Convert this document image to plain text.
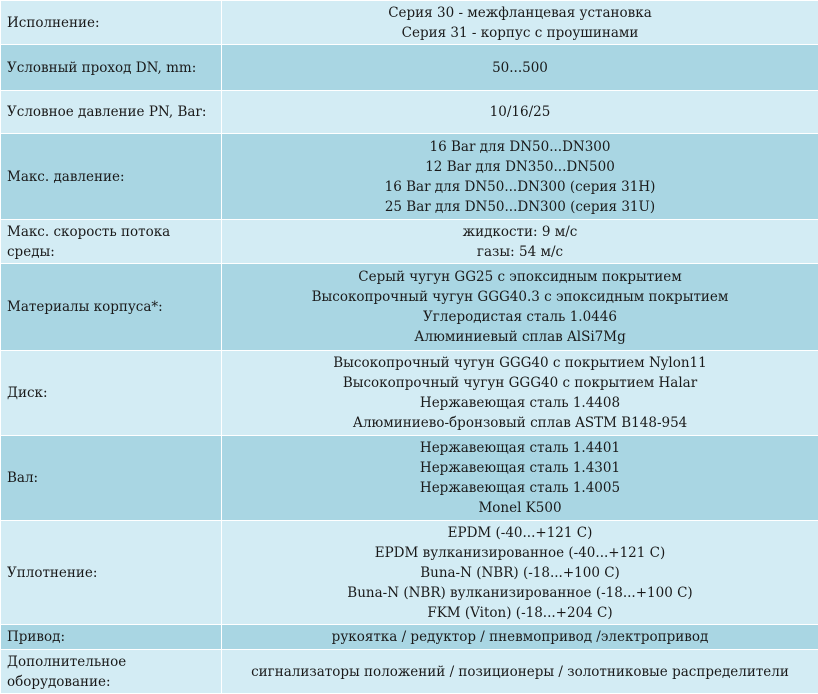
Исполнение:	Серия 30 - межфланцевая установка
Серия 31 - корпус с проушинами

Условный проход DN, mm:	50...500

Условное давление PN, Bar:	10/16/25

Макс. давление:	16 Bar для DN50...DN300
12 Bar для DN350...DN500
16 Bar для DN50...DN300 (серия 31H)
25 Bar для DN50...DN300 (серия 31U)

Макс. скорость потока среды:	жидкости: 9 м/с
газы: 54 м/с

Материалы корпуса*:	Серый чугун GG25 с эпоксидным покрытием
Высокопрочный чугун GGG40.3 с эпоксидным покрытием
Углеродистая сталь 1.0446
Алюминиевый сплав AlSi7Mg

Диск:	Высокопрочный чугун GGG40 с покрытием Nylon11
Высокопрочный чугун GGG40 с покрытием Halar
Нержавеющая сталь 1.4408
Алюминиево-бронзовый сплав ASTM B148-954

Вал:	Нержавеющая сталь 1.4401
Нержавеющая сталь 1.4301
Нержавеющая сталь 1.4005
Monel K500

Уплотнение:	EPDM (-40...+121 С)
EPDM вулканизированное (-40...+121 С)
Buna-N (NBR) (-18...+100 С)
Buna-N (NBR) вулканизированное (-18...+100 С)
FKM (Viton) (-18...+204 С)

Привод:	рукоятка / редуктор / пневмопривод /электропривод

Дополнительное оборудование:	сигнализаторы положений / позиционеры / золотниковые распределители
